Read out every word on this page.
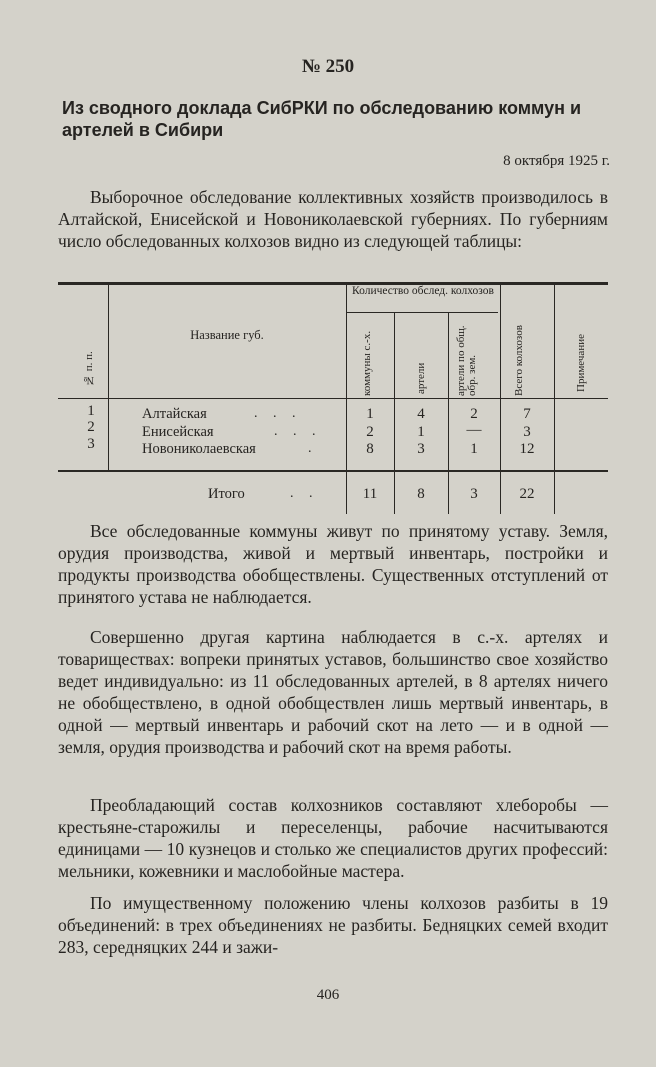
№ 250
Из сводного доклада СибРКИ по обследованию коммун и артелей в Сибири
8 октября 1925 г.

Выборочное обследование коллективных хозяйств производилось в Алтайской, Енисейской и Новониколаевской губерниях. По губерниям число обследованных колхозов видно из следующей таблицы:

№ п. п.
Название губ.
Количество обслед. колхозов
коммуны с.-х.	артели	артели по общ. обр. зем.	Всего колхозов	Примечание
1	Алтайская	. . .	1	4	2	7
2	Енисейская	. . .	2	1	—	3
3	Новониколаевская	.	8	3	1	12
Итого	. .	11	8	3	22

Все обследованные коммуны живут по принятому уставу. Земля, орудия производства, живой и мертвый инвентарь, постройки и продукты производства обобществлены. Существенных отступлений от принятого устава не наблюдается.

Совершенно другая картина наблюдается в с.-х. артелях и товариществах: вопреки принятых уставов, большинство свое хозяйство ведет индивидуально: из 11 обследованных артелей, в 8 артелях ничего не обобществлено, в одной обобществлен лишь мертвый инвентарь, в одной — мертвый инвентарь и рабочий скот на лето — и в одной — земля, орудия производства и рабочий скот на время работы.

Преобладающий состав колхозников составляют хлеборобы — крестьяне-старожилы и переселенцы, рабочие насчитываются единицами — 10 кузнецов и столько же специалистов других профессий: мельники, кожевники и маслобойные мастера.

По имущественному положению члены колхозов разбиты в 19 объединений: в трех объединениях не разбиты. Бедняцких семей входит 283, середняцких 244 и зажи-

406
